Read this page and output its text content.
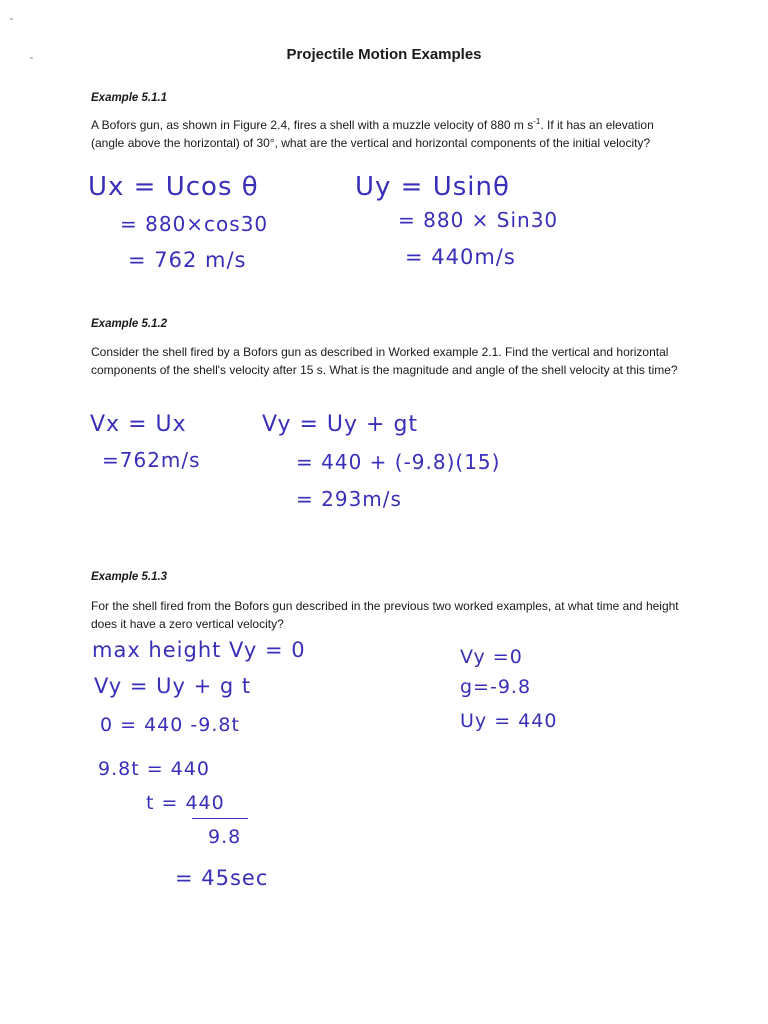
Projectile Motion Examples
Example 5.1.1
A Bofors gun, as shown in Figure 2.4, fires a shell with a muzzle velocity of 880 m $s^{-1}$. If it has an elevation (angle above the horizontal) of 30°, what are the vertical and horizontal components of the initial velocity?
Ux = Ucos θ
= 880×cos30
= 762 m/s
Uy = Usinθ
= 880 × Sin30
= 440m/s
Example 5.1.2
Consider the shell fired by a Bofors gun as described in Worked example 2.1. Find the vertical and horizontal components of the shell's velocity after 15 s. What is the magnitude and angle of the shell velocity at this time?
Vx = Ux
=762m/s
Vy = Uy + gt
= 440 + (-9.8)(15)
= 293m/s
Example 5.1.3
For the shell fired from the Bofors gun described in the previous two worked examples, at what time and height does it have a zero vertical velocity?
max height Vy = 0
Vy = Uy + g t
0 = 440 -9.8t
9.8t = 440
t = 440
9.8
= 45sec
Vy =0
g=-9.8
Uy = 440
